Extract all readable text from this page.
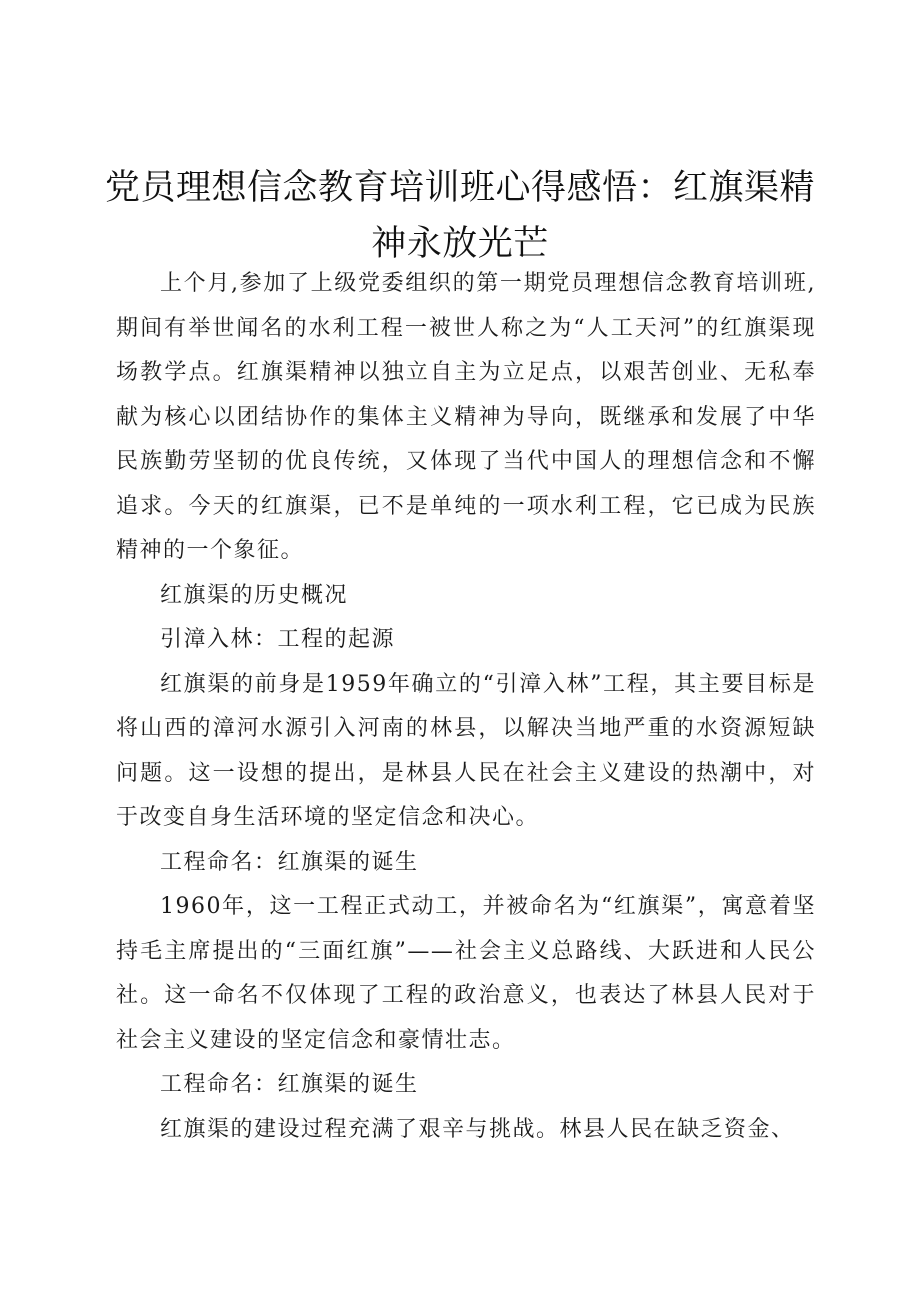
党员理想信念教育培训班心得感悟：红旗渠精神永放光芒

上个月,参加了上级党委组织的第一期党员理想信念教育培训班,期间有举世闻名的水利工程一被世人称之为“人工天河”的红旗渠现场教学点。红旗渠精神以独立自主为立足点，以艰苦创业、无私奉献为核心以团结协作的集体主义精神为导向，既继承和发展了中华民族勤劳坚韧的优良传统，又体现了当代中国人的理想信念和不懈追求。今天的红旗渠，已不是单纯的一项水利工程，它已成为民族精神的一个象征。

红旗渠的历史概况

引漳入林：工程的起源

红旗渠的前身是1959年确立的“引漳入林”工程，其主要目标是将山西的漳河水源引入河南的林县，以解决当地严重的水资源短缺问题。这一设想的提出，是林县人民在社会主义建设的热潮中，对于改变自身生活环境的坚定信念和决心。

工程命名：红旗渠的诞生

1960年，这一工程正式动工，并被命名为“红旗渠”，寓意着坚持毛主席提出的“三面红旗”——社会主义总路线、大跃进和人民公社。这一命名不仅体现了工程的政治意义，也表达了林县人民对于社会主义建设的坚定信念和豪情壮志。

工程命名：红旗渠的诞生

红旗渠的建设过程充满了艰辛与挑战。林县人民在缺乏资金、
